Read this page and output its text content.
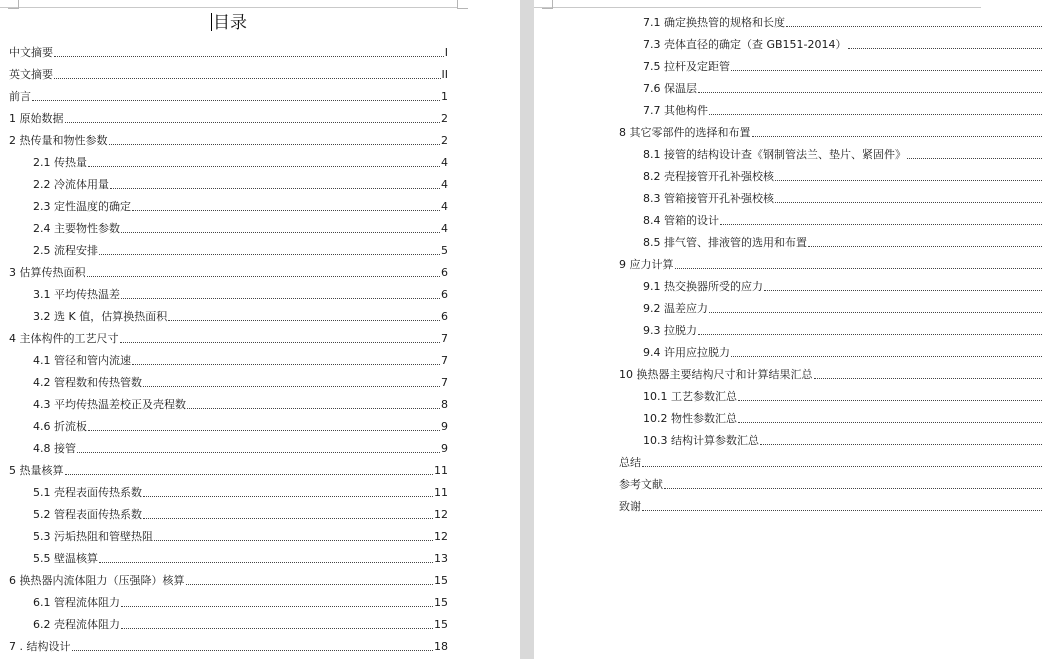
目录
中文摘要	I
英文摘要	II
前言	1
1 原始数据	2
2 热传量和物性参数	2
2.1 传热量	4
2.2 冷流体用量	4
2.3 定性温度的确定	4
2.4 主要物性参数	4
2.5 流程安排	5
3 估算传热面积	6
3.1 平均传热温差	6
3.2 选 K 值，估算换热面积	6
4 主体构件的工艺尺寸	7
4.1 管径和管内流速	7
4.2 管程数和传热管数	7
4.3 平均传热温差校正及壳程数	8
4.6 折流板	9
4.8 接管	9
5 热量核算	11
5.1 壳程表面传热系数	11
5.2 管程表面传热系数	12
5.3 污垢热阻和管壁热阻	12
5.5 壁温核算	13
6 换热器内流体阻力（压强降）核算	15
6.1 管程流体阻力	15
6.2 壳程流体阻力	15
7 . 结构设计	18
7.1 确定换热管的规格和长度
7.3 壳体直径的确定（查 GB151-2014）
7.5 拉杆及定距管
7.6 保温层
7.7 其他构件
8 其它零部件的选择和布置
8.1 接管的结构设计查《钢制管法兰、垫片、紧固件》
8.2 壳程接管开孔补强校核
8.3 管箱接管开孔补强校核
8.4 管箱的设计
8.5 排气管、排液管的选用和布置
9 应力计算
9.1 热交换器所受的应力
9.2 温差应力
9.3 拉脱力
9.4 许用应拉脱力
10 换热器主要结构尺寸和计算结果汇总
10.1 工艺参数汇总
10.2 物性参数汇总
10.3 结构计算参数汇总
总结
参考文献
致谢
